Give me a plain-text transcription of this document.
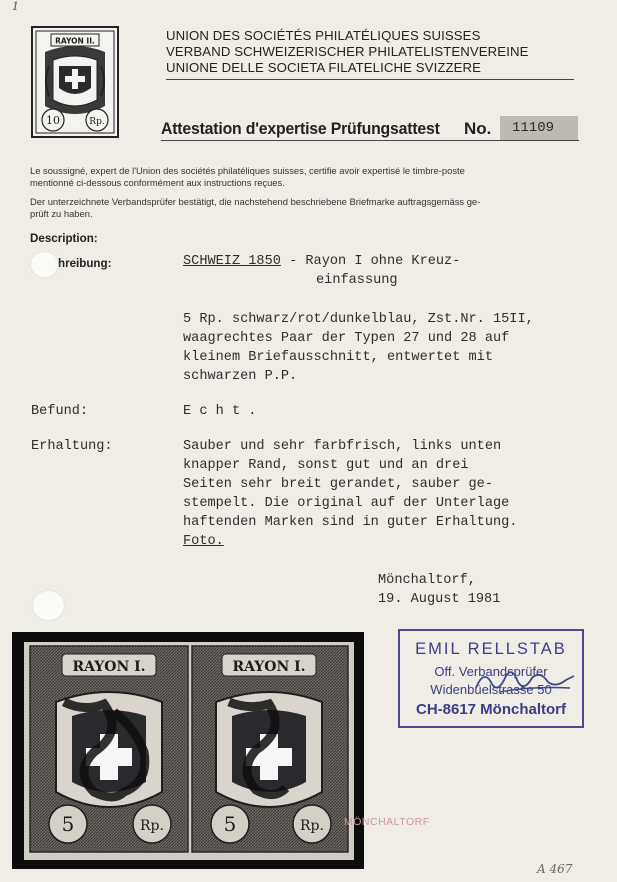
1
RAYON II.
10	Rp.
UNION DES SOCIÉTÉS PHILATÉLIQUES SUISSES
VERBAND SCHWEIZERISCHER PHILATELISTENVEREINE
UNIONE DELLE SOCIETA FILATELICHE SVIZZERE
Attestation d'expertise Prüfungsattest No. 11109
Le soussigné, expert de l'Union des sociétés philatéliques suisses, certifie avoir expertisé le timbre-poste
mentionné ci-dessous conformément aux instructions reçues.
Der unterzeichnete Verbandsprüfer bestätigt, die nachstehend beschriebene Briefmarke auftragsgemäss ge-
prüft zu haben.
Description:
hreibung:	SCHWEIZ 1850 - Rayon I ohne Kreuz-
einfassung
5 Rp. schwarz/rot/dunkelblau, Zst.Nr. 15II,
waagrechtes Paar der Typen 27 und 28 auf
kleinem Briefausschnitt, entwertet mit
schwarzen P.P.
Befund:	E c h t .
Erhaltung:	Sauber und sehr farbfrisch, links unten
knapper Rand, sonst gut und an drei
Seiten sehr breit gerandet, sauber ge-
stempelt. Die original auf der Unterlage
haftenden Marken sind in guter Erhaltung.
Foto.
Mönchaltorf,
19. August 1981
RAYON I.
5	Rp.
RAYON I.
5	Rp. MÖNCHALTORF
EMIL RELLSTAB
Off. Verbandsprüfer
Widenbüelstrasse 50
CH-8617 Mönchaltorf
A 467
